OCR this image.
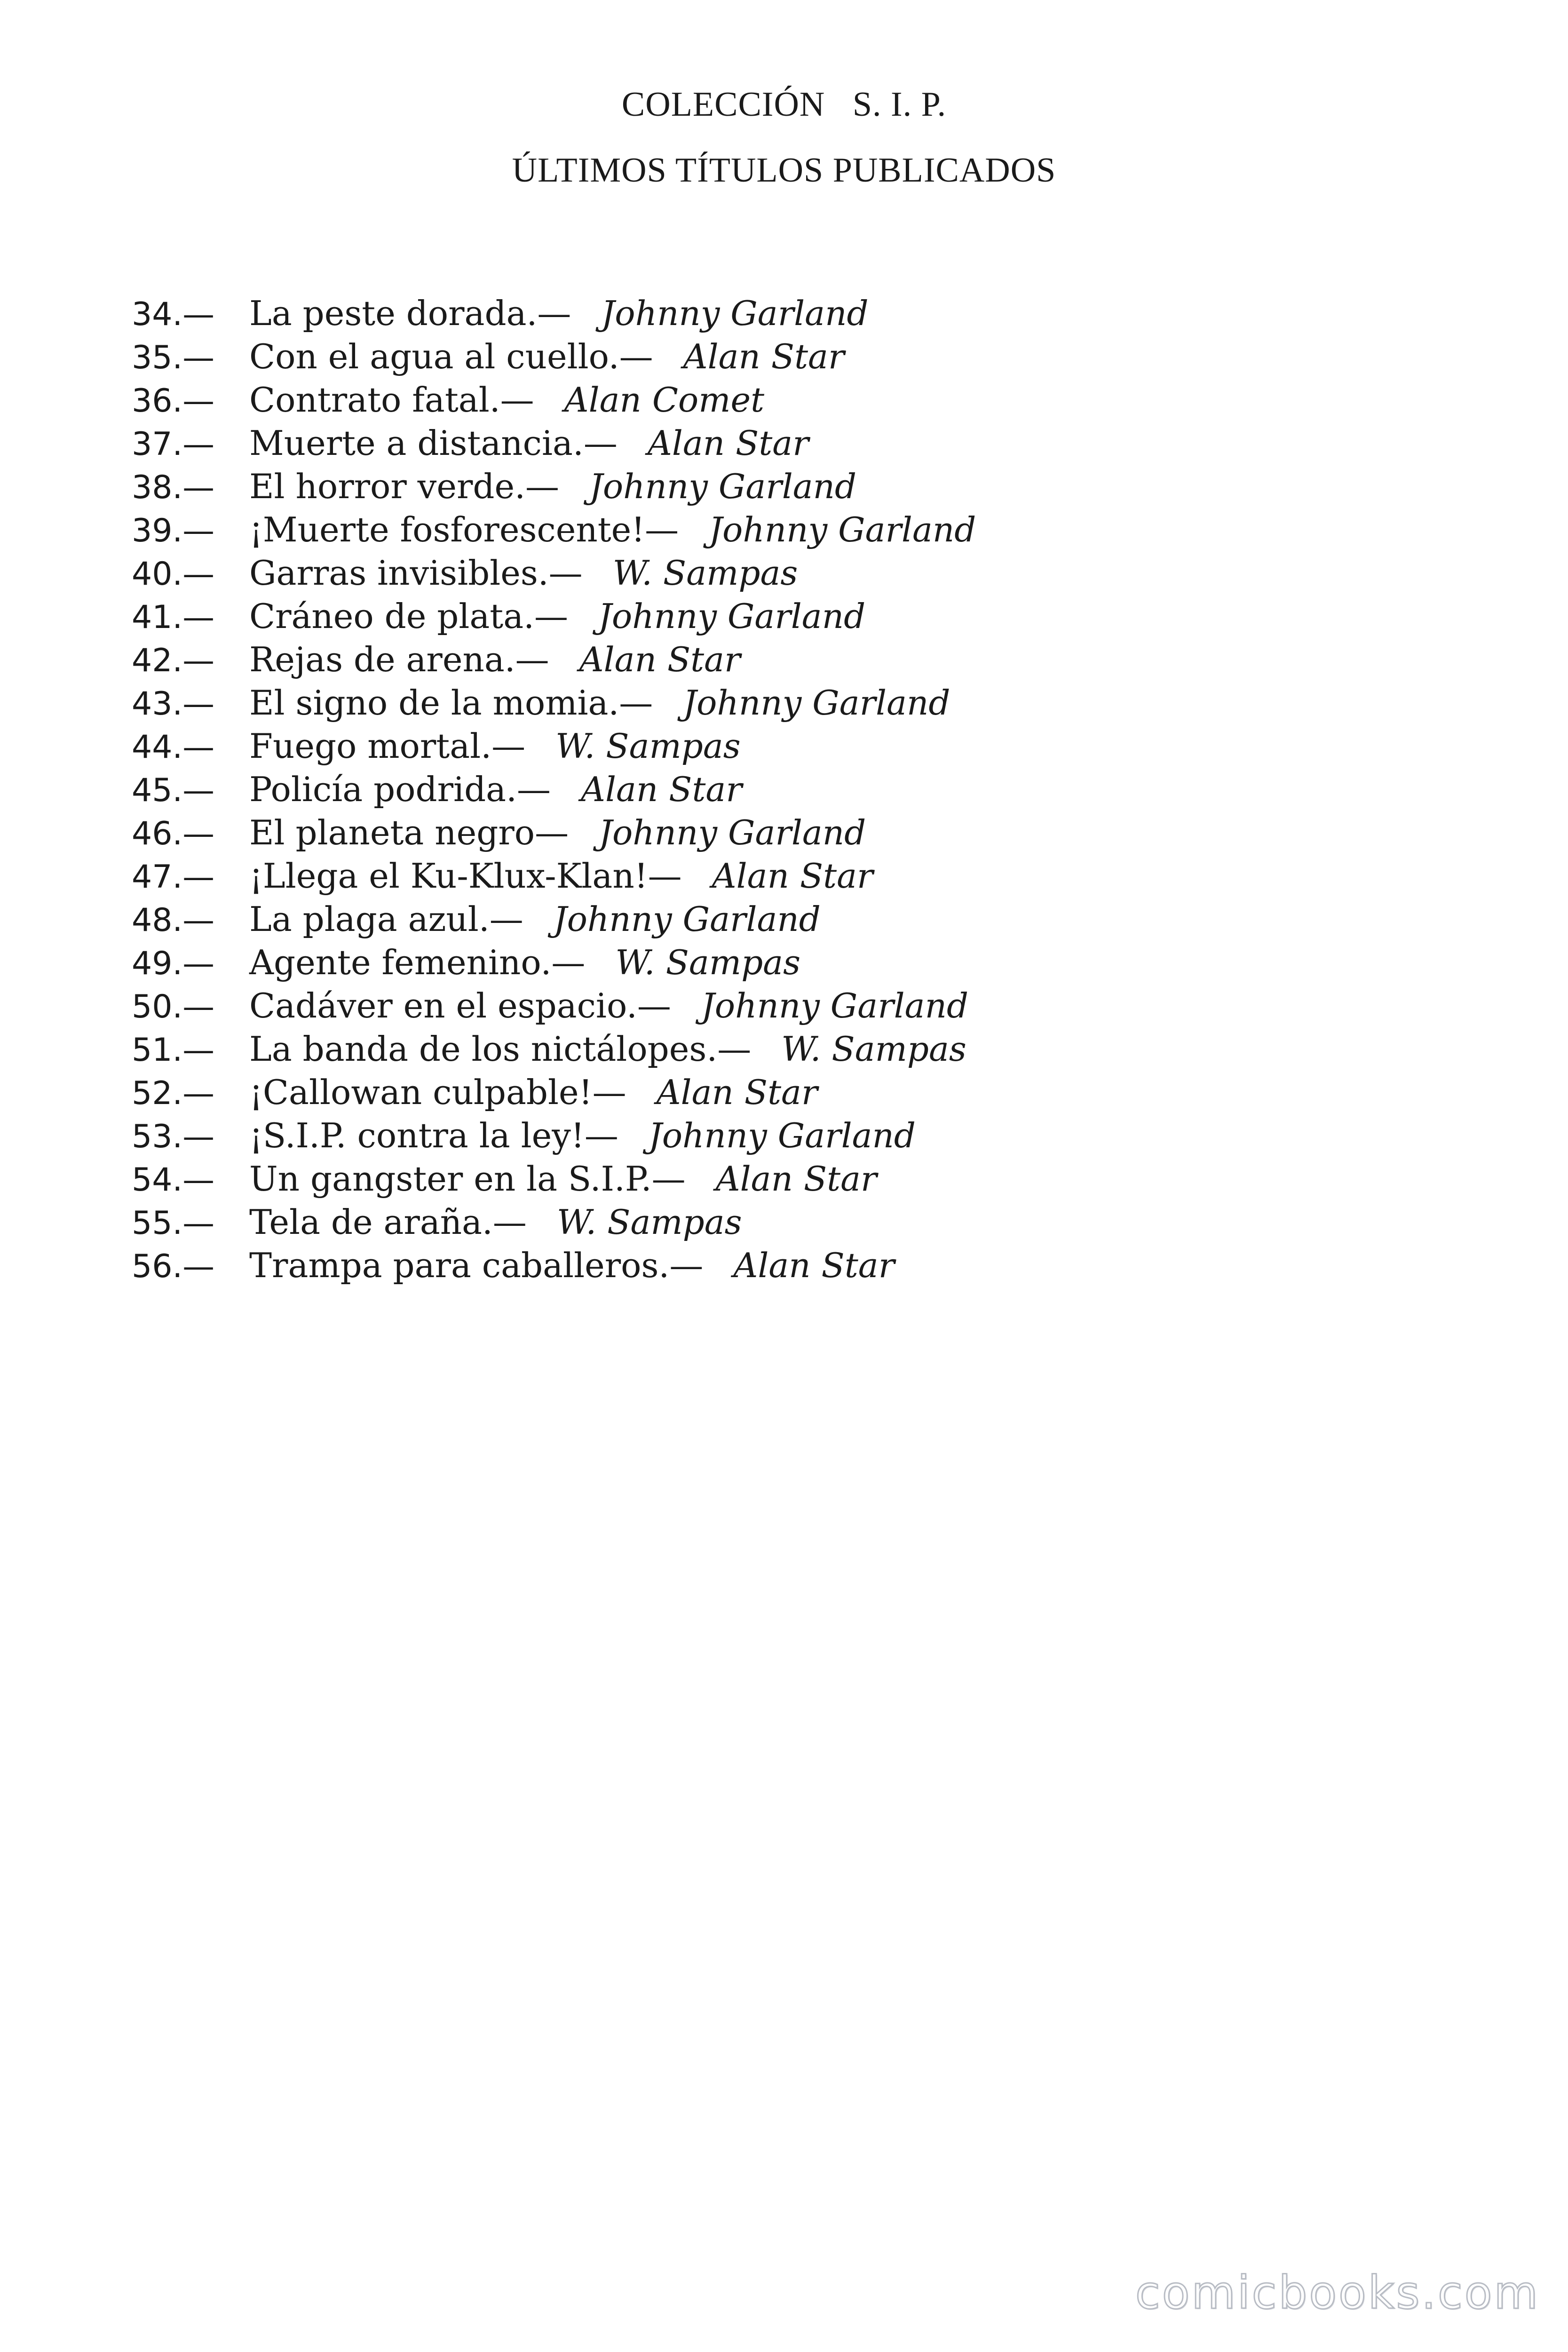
COLECCIÓN   S. I. P.
ÚLTIMOS TÍTULOS PUBLICADOS
34.— La peste dorada.— Johnny Garland
35.— Con el agua al cuello.— Alan Star
36.— Contrato fatal.— Alan Comet
37.— Muerte a distancia.— Alan Star
38.— El horror verde.— Johnny Garland
39.— ¡Muerte fosforescente!— Johnny Garland
40.— Garras invisibles.— W. Sampas
41.— Cráneo de plata.— Johnny Garland
42.— Rejas de arena.— Alan Star
43.— El signo de la momia.— Johnny Garland
44.— Fuego mortal.— W. Sampas
45.— Policía podrida.— Alan Star
46.— El planeta negro— Johnny Garland
47.— ¡Llega el Ku-Klux-Klan!— Alan Star
48.— La plaga azul.— Johnny Garland
49.— Agente femenino.— W. Sampas
50.— Cadáver en el espacio.— Johnny Garland
51.— La banda de los nictálopes.— W. Sampas
52.— ¡Callowan culpable!— Alan Star
53.— ¡S.I.P. contra la ley!— Johnny Garland
54.— Un gangster en la S.I.P.— Alan Star
55.— Tela de araña.— W. Sampas
56.— Trampa para caballeros.— Alan Star
comicbooks.com
